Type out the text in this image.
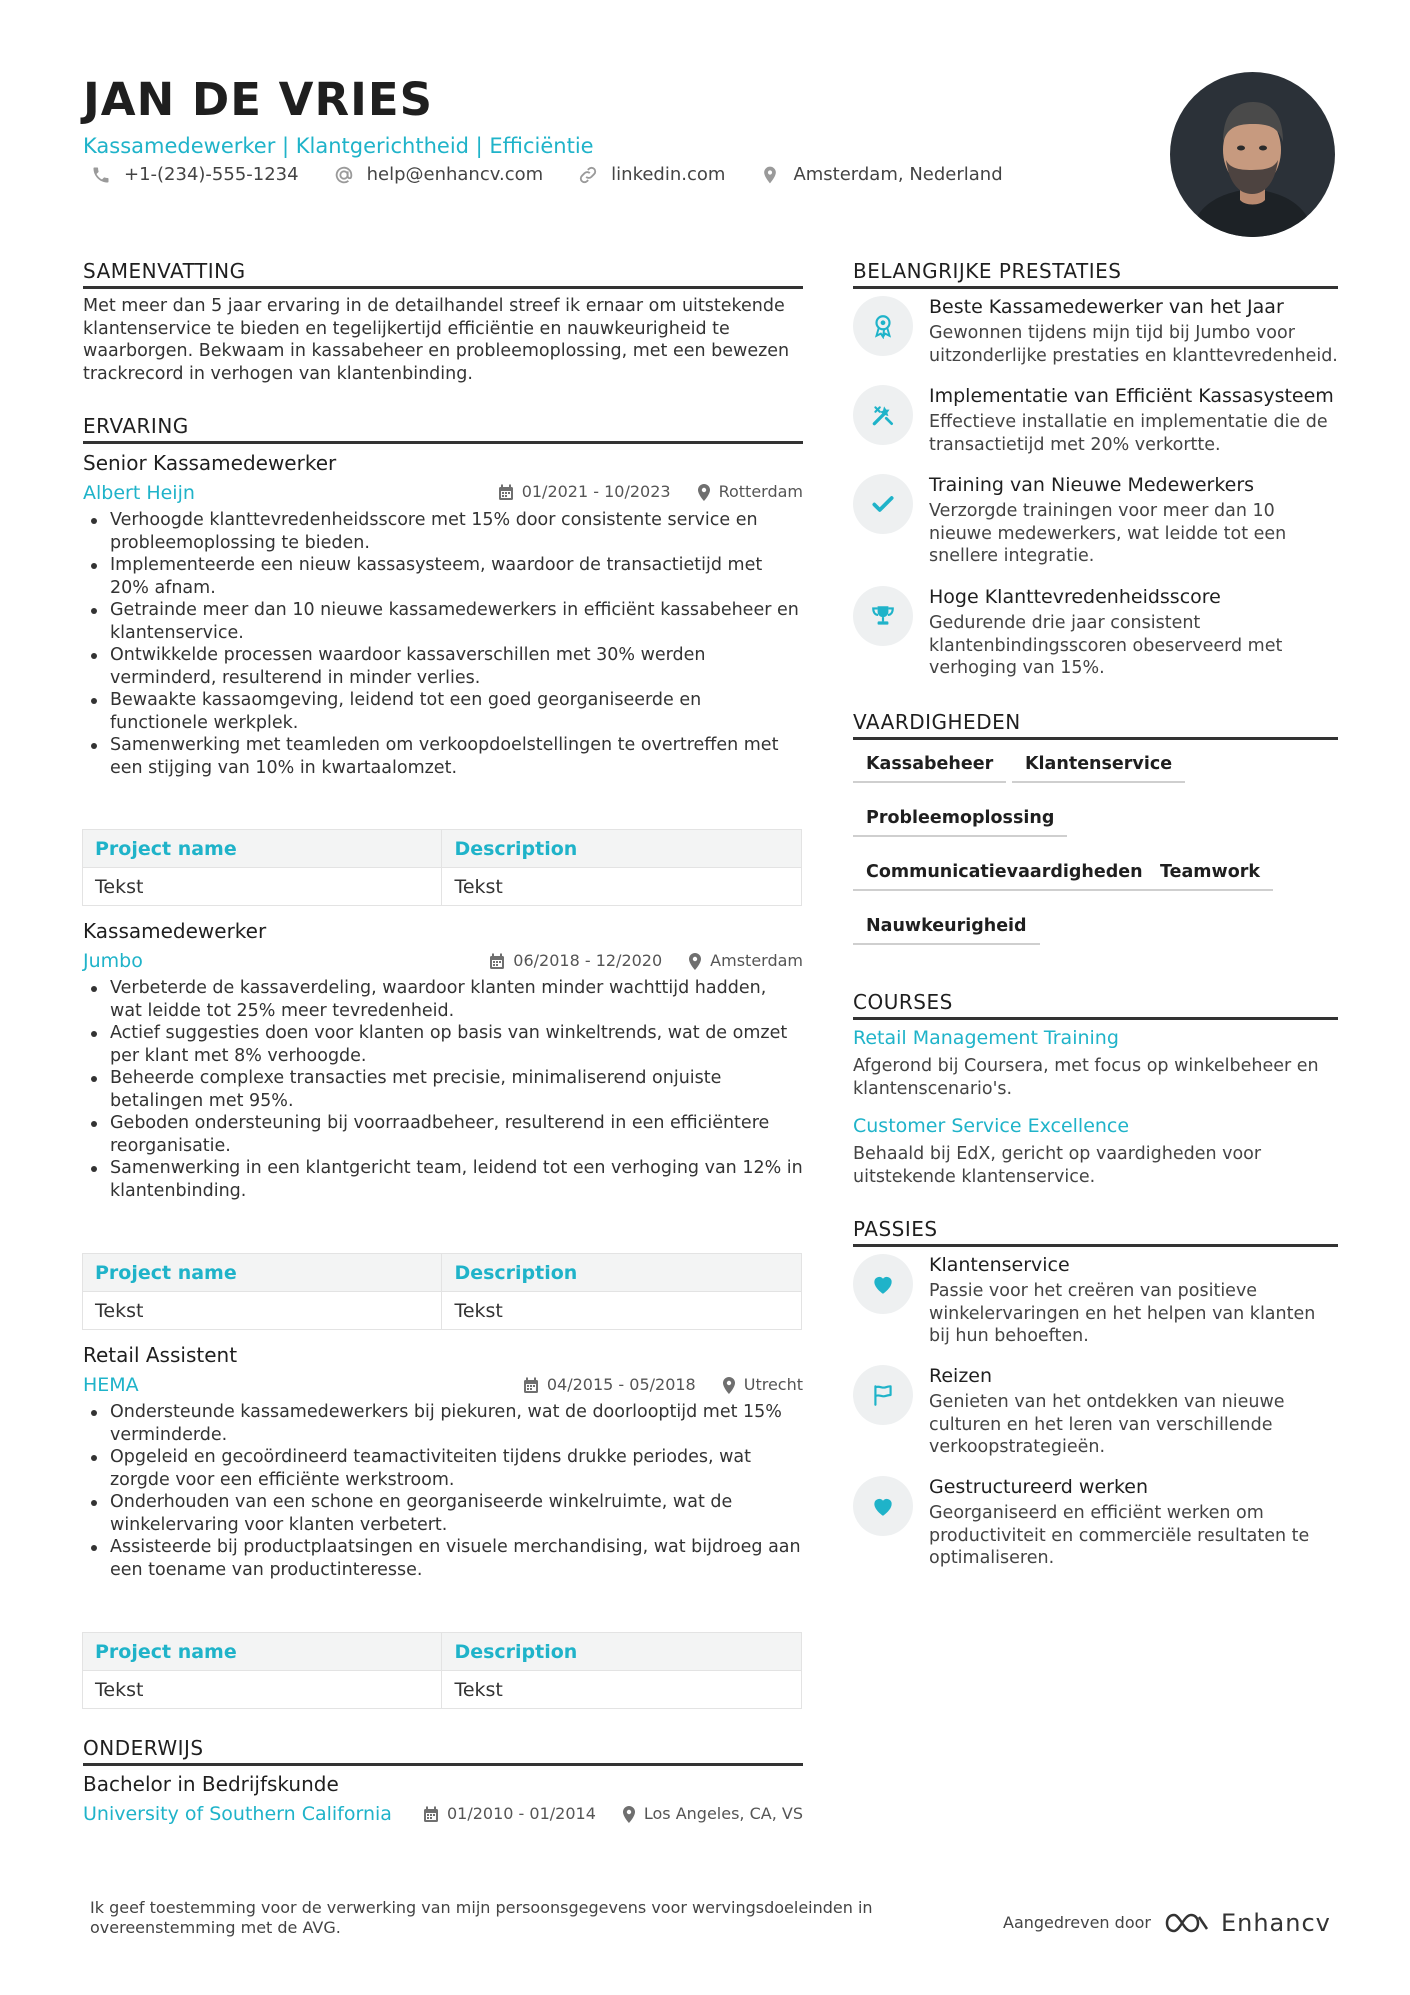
JAN DE VRIES
Kassamedewerker | Klantgerichtheid | Efficiëntie
+1-(234)-555-1234	help@enhancv.com	linkedin.com	Amsterdam, Nederland
SAMENVATTING
Met meer dan 5 jaar ervaring in de detailhandel streef ik ernaar om uitstekende klantenservice te bieden en tegelijkertijd efficiëntie en nauwkeurigheid te waarborgen. Bekwaam in kassabeheer en probleemoplossing, met een bewezen trackrecord in verhogen van klantenbinding.
ERVARING
Senior Kassamedewerker
Albert Heijn	01/2021 - 10/2023	Rotterdam
Verhoogde klanttevredenheidsscore met 15% door consistente service en probleemoplossing te bieden.
Implementeerde een nieuw kassasysteem, waardoor de transactietijd met 20% afnam.
Getrainde meer dan 10 nieuwe kassamedewerkers in efficiënt kassabeheer en klantenservice.
Ontwikkelde processen waardoor kassaverschillen met 30% werden verminderd, resulterend in minder verlies.
Bewaakte kassaomgeving, leidend tot een goed georganiseerde en functionele werkplek.
Samenwerking met teamleden om verkoopdoelstellingen te overtreffen met een stijging van 10% in kwartaalomzet.
Project name	Description
Tekst	Tekst
Kassamedewerker
Jumbo	06/2018 - 12/2020	Amsterdam
Verbeterde de kassaverdeling, waardoor klanten minder wachttijd hadden, wat leidde tot 25% meer tevredenheid.
Actief suggesties doen voor klanten op basis van winkeltrends, wat de omzet per klant met 8% verhoogde.
Beheerde complexe transacties met precisie, minimaliserend onjuiste betalingen met 95%.
Geboden ondersteuning bij voorraadbeheer, resulterend in een efficiëntere reorganisatie.
Samenwerking in een klantgericht team, leidend tot een verhoging van 12% in klantenbinding.
Project name	Description
Tekst	Tekst
Retail Assistent
HEMA	04/2015 - 05/2018	Utrecht
Ondersteunde kassamedewerkers bij piekuren, wat de doorlooptijd met 15% verminderde.
Opgeleid en gecoördineerd teamactiviteiten tijdens drukke periodes, wat zorgde voor een efficiënte werkstroom.
Onderhouden van een schone en georganiseerde winkelruimte, wat de winkelervaring voor klanten verbetert.
Assisteerde bij productplaatsingen en visuele merchandising, wat bijdroeg aan een toename van productinteresse.
Project name	Description
Tekst	Tekst
ONDERWIJS
Bachelor in Bedrijfskunde
University of Southern California	01/2010 - 01/2014	Los Angeles, CA, VS
BELANGRIJKE PRESTATIES
Beste Kassamedewerker van het Jaar
Gewonnen tijdens mijn tijd bij Jumbo voor uitzonderlijke prestaties en klanttevredenheid.
Implementatie van Efficiënt Kassasysteem
Effectieve installatie en implementatie die de transactietijd met 20% verkortte.
Training van Nieuwe Medewerkers
Verzorgde trainingen voor meer dan 10 nieuwe medewerkers, wat leidde tot een snellere integratie.
Hoge Klanttevredenheidsscore
Gedurende drie jaar consistent klantenbindingsscoren obeserveerd met verhoging van 15%.
VAARDIGHEDEN
Kassabeheer	Klantenservice
Probleemoplossing
Communicatievaardigheden Teamwork
Nauwkeurigheid
COURSES
Retail Management Training
Afgerond bij Coursera, met focus op winkelbeheer en klantenscenario's.
Customer Service Excellence
Behaald bij EdX, gericht op vaardigheden voor uitstekende klantenservice.
PASSIES
Klantenservice
Passie voor het creëren van positieve winkelervaringen en het helpen van klanten bij hun behoeften.
Reizen
Genieten van het ontdekken van nieuwe culturen en het leren van verschillende verkoopstrategieën.
Gestructureerd werken
Georganiseerd en efficiënt werken om productiviteit en commerciële resultaten te optimaliseren.
Ik geef toestemming voor de verwerking van mijn persoonsgegevens voor wervingsdoeleinden in overeenstemming met de AVG.	Aangedreven door	Enhancv
